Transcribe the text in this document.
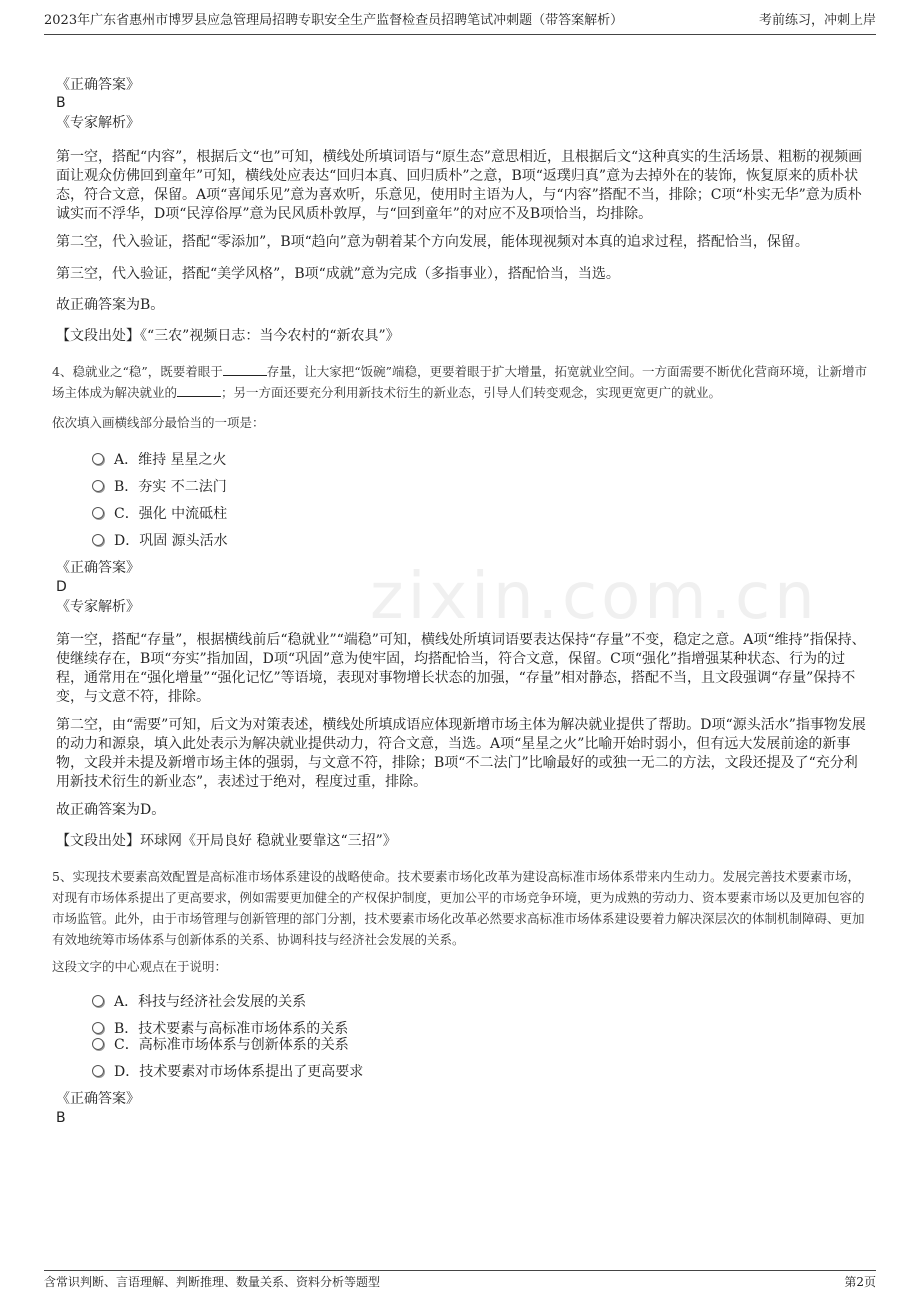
2023年广东省惠州市博罗县应急管理局招聘专职安全生产监督检查员招聘笔试冲刺题（带答案解析）	考前练习，冲刺上岸
zixin.com.cn
《正确答案》
B
《专家解析》
第一空，搭配“内容”，根据后文“也”可知，横线处所填词语与“原生态”意思相近，且根据后文“这种真实的生活场景、粗粝的视频画面让观众仿佛回到童年”可知，横线处应表达“回归本真、回归质朴”之意，B项“返璞归真”意为去掉外在的装饰，恢复原来的质朴状态，符合文意，保留。A项“喜闻乐见”意为喜欢听，乐意见，使用时主语为人，与“内容”搭配不当，排除；C项“朴实无华”意为质朴诚实而不浮华，D项“民淳俗厚”意为民风质朴敦厚，与“回到童年”的对应不及B项恰当，均排除。
第二空，代入验证，搭配“零添加”，B项“趋向”意为朝着某个方向发展，能体现视频对本真的追求过程，搭配恰当，保留。
第三空，代入验证，搭配“美学风格”，B项“成就”意为完成（多指事业），搭配恰当，当选。
故正确答案为B。
【文段出处】《“三农”视频日志：当今农村的“新农具”》
4、稳就业之“稳”，既要着眼于	存量，让大家把“饭碗”端稳，更要着眼于扩大增量，拓宽就业空间。一方面需要不断优化营商环境，让新增市场主体成为解决就业的	；另一方面还要充分利用新技术衍生的新业态，引导人们转变观念，实现更宽更广的就业。
依次填入画横线部分最恰当的一项是：
A．维持 星星之火
B．夯实 不二法门
C．强化 中流砥柱
D．巩固 源头活水
《正确答案》
D
《专家解析》
第一空，搭配“存量”，根据横线前后“稳就业”“端稳”可知，横线处所填词语要表达保持“存量”不变，稳定之意。A项“维持”指保持、使继续存在，B项“夯实”指加固，D项“巩固”意为使牢固，均搭配恰当，符合文意，保留。C项“强化”指增强某种状态、行为的过程，通常用在“强化增量”“强化记忆”等语境，表现对事物增长状态的加强，“存量”相对静态，搭配不当，且文段强调“存量”保持不变，与文意不符，排除。
第二空，由“需要”可知，后文为对策表述，横线处所填成语应体现新增市场主体为解决就业提供了帮助。D项“源头活水”指事物发展的动力和源泉，填入此处表示为解决就业提供动力，符合文意，当选。A项“星星之火”比喻开始时弱小，但有远大发展前途的新事物，文段并未提及新增市场主体的强弱，与文意不符，排除；B项“不二法门”比喻最好的或独一无二的方法，文段还提及了“充分利用新技术衍生的新业态”，表述过于绝对，程度过重，排除。
故正确答案为D。
【文段出处】环球网《开局良好 稳就业要靠这“三招”》
5、实现技术要素高效配置是高标准市场体系建设的战略使命。技术要素市场化改革为建设高标准市场体系带来内生动力。发展完善技术要素市场，对现有市场体系提出了更高要求，例如需要更加健全的产权保护制度，更加公平的市场竞争环境，更为成熟的劳动力、资本要素市场以及更加包容的市场监管。此外，由于市场管理与创新管理的部门分割，技术要素市场化改革必然要求高标准市场体系建设要着力解决深层次的体制机制障碍、更加有效地统筹市场体系与创新体系的关系、协调科技与经济社会发展的关系。
这段文字的中心观点在于说明：
A．科技与经济社会发展的关系
B．技术要素与高标准市场体系的关系
C．高标准市场体系与创新体系的关系
D．技术要素对市场体系提出了更高要求
《正确答案》
B
含常识判断、言语理解、判断推理、数量关系、资料分析等题型	第2页
